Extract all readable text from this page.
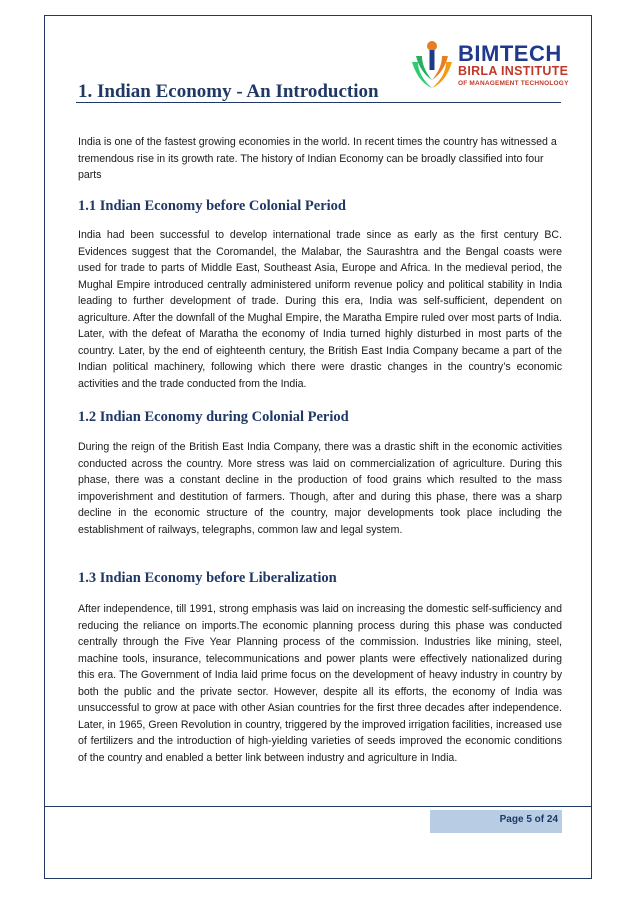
BIMTECH
BIRLA INSTITUTE
OF MANAGEMENT TECHNOLOGY
1. Indian Economy - An Introduction

India is one of the fastest growing economies in the world. In recent times the country has witnessed a tremendous rise in its growth rate. The history of Indian Economy can be broadly classified into four parts

1.1 Indian Economy before Colonial Period

India had been successful to develop international trade since as early as the first century BC. Evidences suggest that the Coromandel, the Malabar, the Saurashtra and the Bengal coasts were used for trade to parts of Middle East, Southeast Asia, Europe and Africa. In the medieval period, the Mughal Empire introduced centrally administered uniform revenue policy and political stability in India leading to further development of trade. During this era, India was self-sufficient, dependent on agriculture. After the downfall of the Mughal Empire, the Maratha Empire ruled over most parts of India. Later, with the defeat of Maratha the economy of India turned highly disturbed in most parts of the country. Later, by the end of eighteenth century, the British East India Company became a part of the Indian political machinery, following which there were drastic changes in the country’s economic activities and the trade conducted from the India.

1.2 Indian Economy during Colonial Period

During the reign of the British East India Company, there was a drastic shift in the economic activities conducted across the country. More stress was laid on commercialization of agriculture. During this phase, there was a constant decline in the production of food grains which resulted to the mass impoverishment and destitution of farmers. Though, after and during this phase, there was a sharp decline in the economic structure of the country, major developments took place including the establishment of railways, telegraphs, common law and legal system.

1.3 Indian Economy before Liberalization

After independence, till 1991, strong emphasis was laid on increasing the domestic self-sufficiency and reducing the reliance on imports.The economic planning process during this phase was conducted centrally through the Five Year Planning process of the commission. Industries like mining, steel, machine tools, insurance, telecommunications and power plants were effectively nationalized during this era. The Government of India laid prime focus on the development of heavy industry in country by both the public and the private sector. However, despite all its efforts, the economy of India was unsuccessful to grow at pace with other Asian countries for the first three decades after independence. Later, in 1965, Green Revolution in country, triggered by the improved irrigation facilities, increased use of fertilizers and the introduction of high-yielding varieties of seeds improved the economic conditions of the country and enabled a better link between industry and agriculture in India.

Page 5 of 24
